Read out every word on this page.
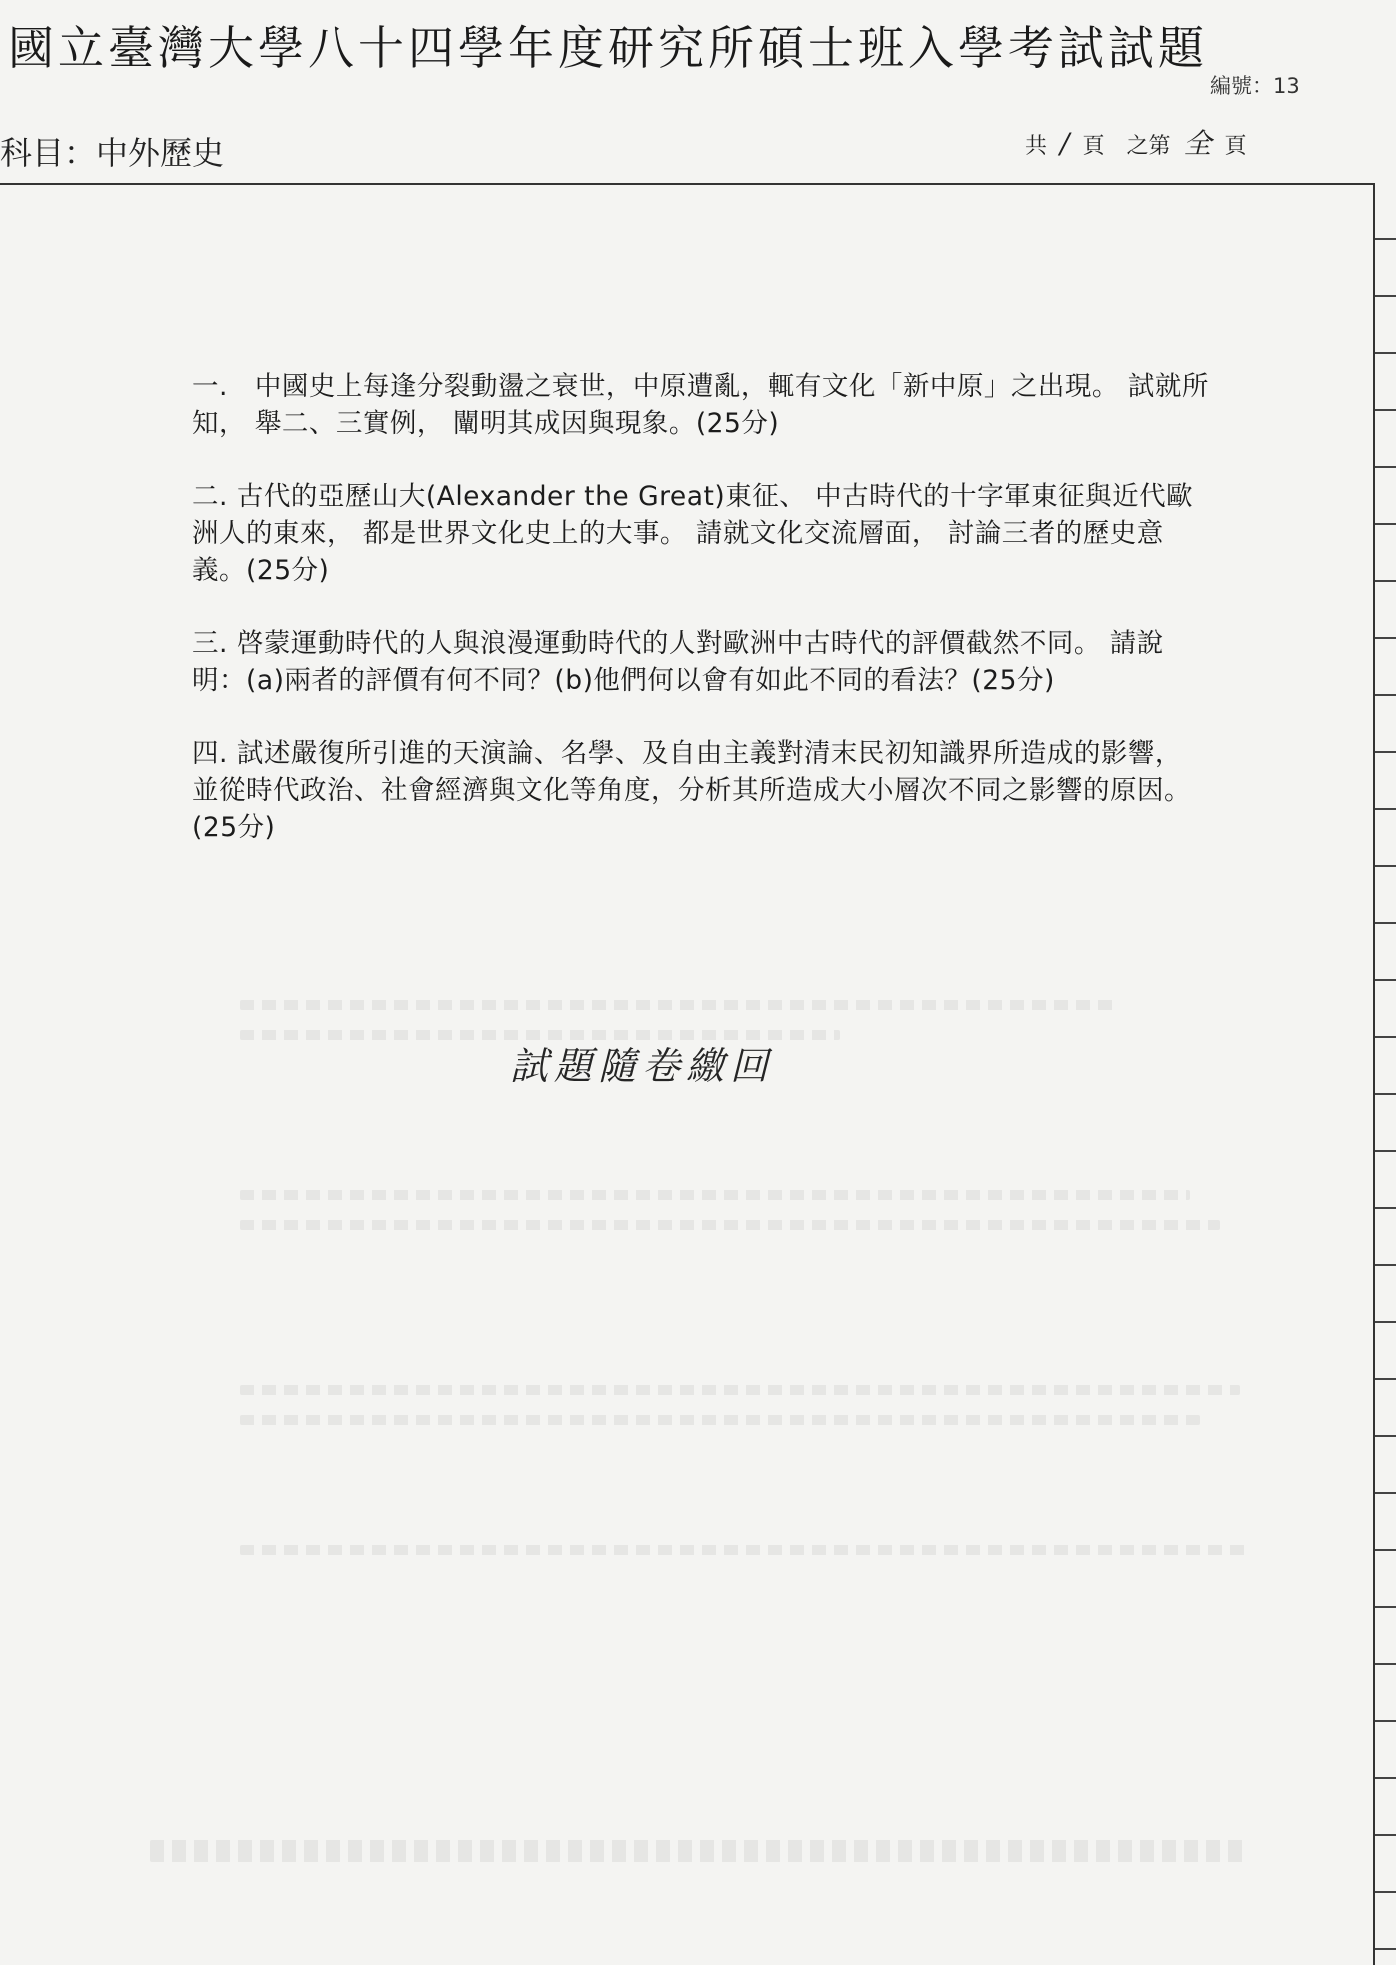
國立臺灣大學八十四學年度研究所碩士班入學考試試題
編號：13
科目：中外歷史	共 / 頁　之第 全 頁

一.　中國史上每逢分裂動盪之衰世，中原遭亂，輒有文化「新中原」之出現。 試就所知， 舉二、三實例， 闡明其成因與現象。(25分)

二. 古代的亞歷山大(Alexander the Great)東征、 中古時代的十字軍東征與近代歐洲人的東來， 都是世界文化史上的大事。 請就文化交流層面， 討論三者的歷史意義。(25分)

三. 啓蒙運動時代的人與浪漫運動時代的人對歐洲中古時代的評價截然不同。 請說明：(a)兩者的評價有何不同？(b)他們何以會有如此不同的看法？(25分)

四. 試述嚴復所引進的天演論、名學、及自由主義對清末民初知識界所造成的影響， 並從時代政治、社會經濟與文化等角度，分析其所造成大小層次不同之影響的原因。(25分)

試題隨卷繳回
